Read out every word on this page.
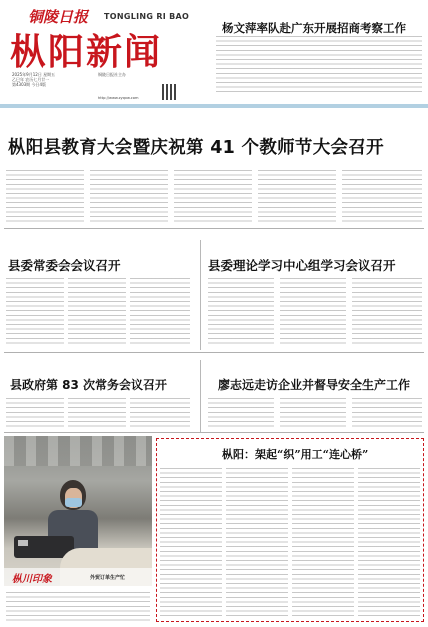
铜陵日报 TONGLING RI BAO
枞阳新闻
2025年9月12日 星期五
乙巳年 农历七月廿一
第4303期 今日4版
铜陵日报社主办
http://www.zyqxw.com
杨文萍率队赴广东开展招商考察工作
枞阳县教育大会暨庆祝第 41 个教师节大会召开
县委常委会会议召开	县委理论学习中心组学习会议召开
县政府第 83 次常务会议召开	廖志远走访企业并督导安全生产工作
枞川印象	外贸订单生产忙
枞阳：架起“织”用工“连心桥”
